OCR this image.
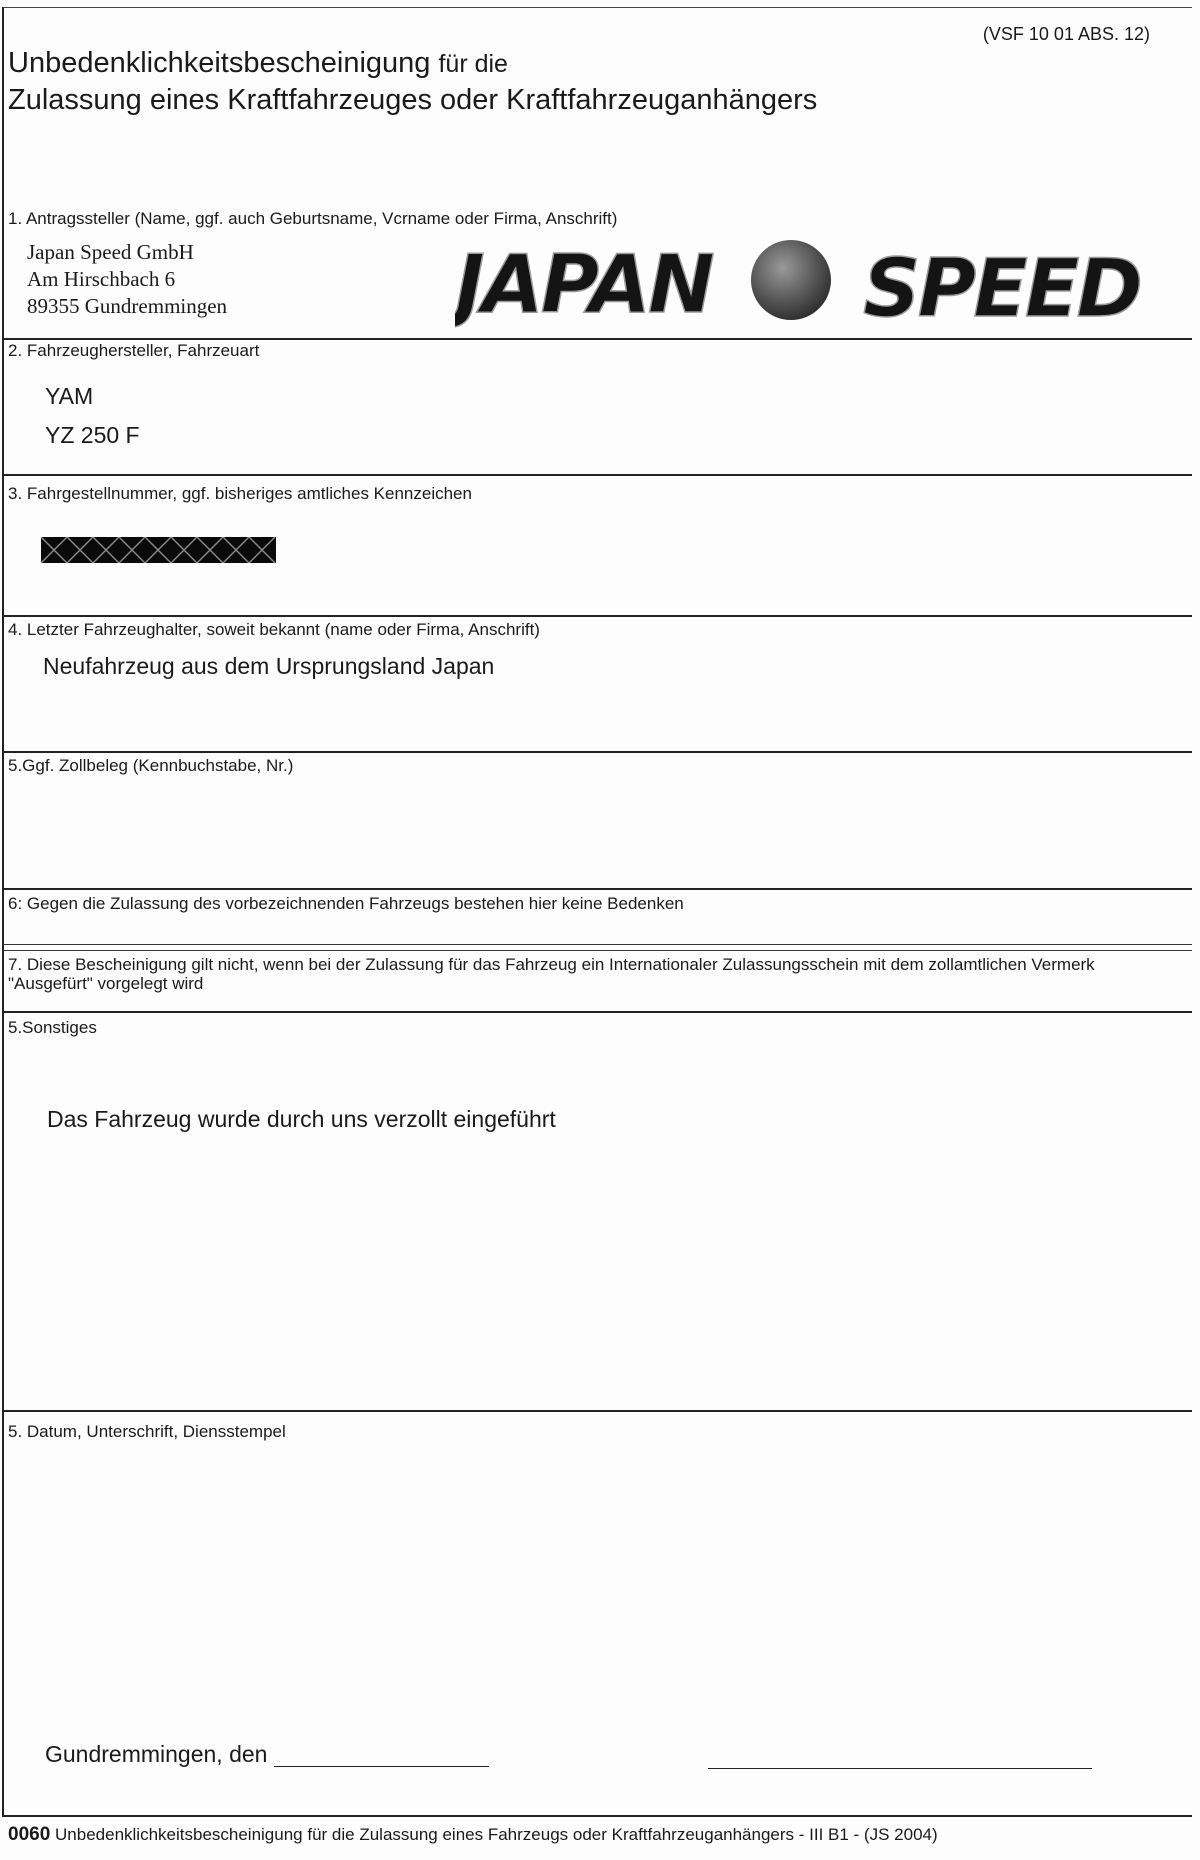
(VSF 10 01 ABS. 12)
Unbedenklichkeitsbescheinigung für die
Zulassung eines Kraftfahrzeuges oder Kraftfahrzeuganhängers
1. Antragssteller (Name, ggf. auch Geburtsname, Vcrname oder Firma, Anschrift)
Japan Speed GmbH
Am Hirschbach 6
89355 Gundremmingen	JAPAN SPEED
2. Fahrzeughersteller, Fahrzeuart
YAM
YZ 250 F
3. Fahrgestellnummer, ggf. bisheriges amtliches Kennzeichen
4. Letzter Fahrzeughalter, soweit bekannt (name oder Firma, Anschrift)
Neufahrzeug aus dem Ursprungsland Japan
5.Ggf. Zollbeleg (Kennbuchstabe, Nr.)
6: Gegen die Zulassung des vorbezeichnenden Fahrzeugs bestehen hier keine Bedenken
7. Diese Bescheinigung gilt nicht, wenn bei der Zulassung für das Fahrzeug ein Internationaler Zulassungsschein mit dem zollamtlichen Vermerk "Ausgefürt" vorgelegt wird
5.Sonstiges
Das Fahrzeug wurde durch uns verzollt eingeführt
5. Datum, Unterschrift, Diensstempel
Gundremmingen, den
0060 Unbedenklichkeitsbescheinigung für die Zulassung eines Fahrzeugs oder Kraftfahrzeuganhängers - III B1 - (JS 2004)
